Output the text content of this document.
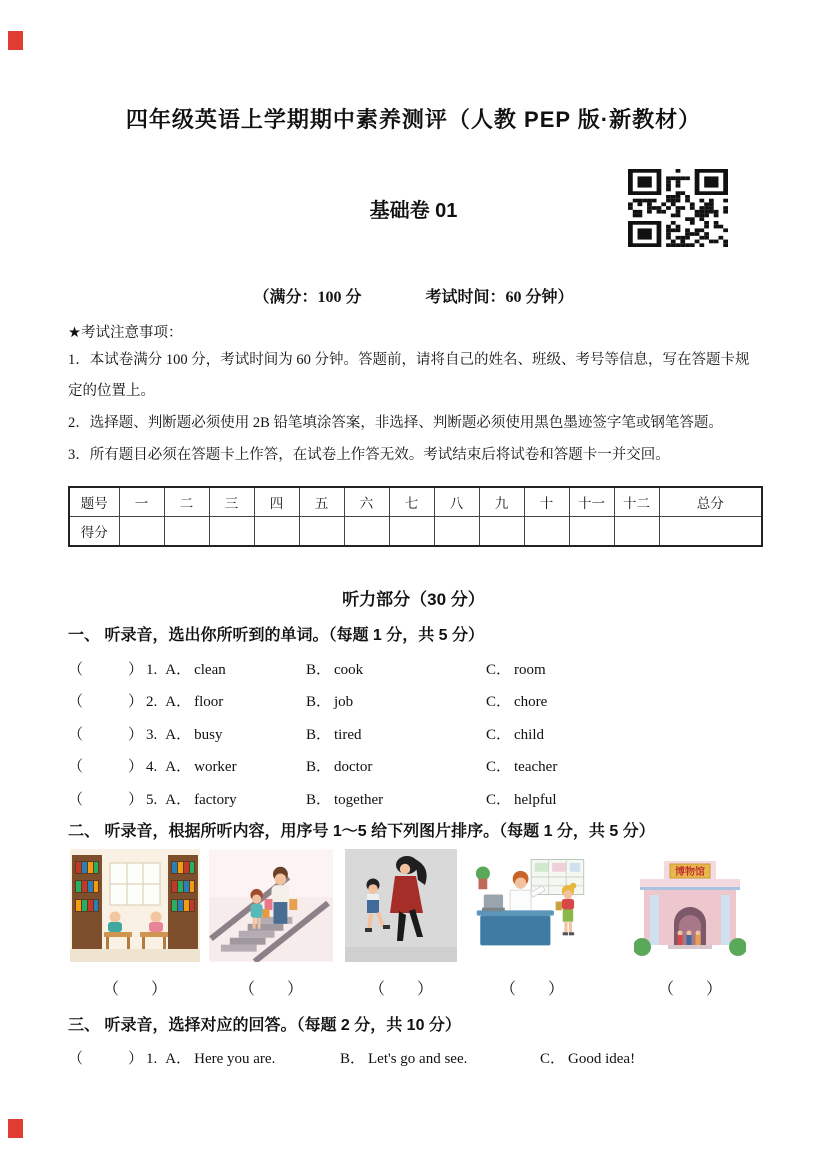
四年级英语上学期期中素养测评（人教 PEP 版·新教材）
基础卷 01
（满分：100 分　　　　考试时间：60 分钟）

★考试注意事项：

1．本试卷满分 100 分，考试时间为 60 分钟。答题前，请将自己的姓名、班级、考号等信息，写在答题卡规定的位置上。

2．选择题、判断题必须使用 2B 铅笔填涂答案，非选择、判断题必须使用黑色墨迹签字笔或钢笔答题。

3．所有题目必须在答题卡上作答，在试卷上作答无效。考试结束后将试卷和答题卡一并交回。

题号	一	二	三	四	五	六	七	八	九	十	十一	十二	总分
得分													
听力部分（30 分）
一、 听录音，选出你所听到的单词。（每题 1 分，共 5 分）
（	） 1. A． clean	B． cook	C． room
（	） 2. A． floor	B． job	C． chore
（	） 3. A． busy	B． tired	C． child
（	） 4. A． worker	B． doctor	C． teacher
（	） 5. A． factory	B． together	C． helpful
二、 听录音，根据所听内容，用序号 1～5 给下列图片排序。（每题 1 分，共 5 分）
博物馆
（　　）	（　　）	（　　）	（　　）	（　　）
三、 听录音，选择对应的回答。（每题 2 分，共 10 分）
（	） 1. A． Here you are.	B． Let's go and see.	C． Good idea!
